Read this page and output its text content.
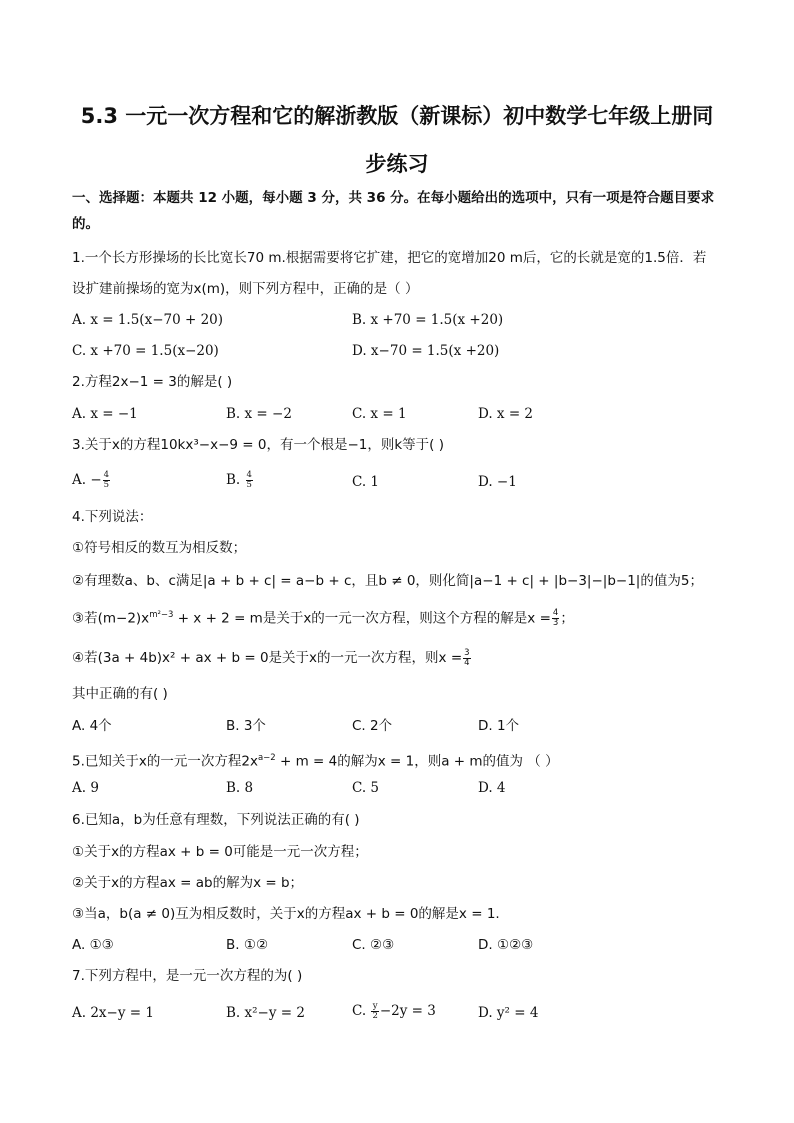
5.3 一元一次方程和它的解浙教版（新课标）初中数学七年级上册同
步练习
一、选择题：本题共 12 小题，每小题 3 分，共 36 分。在每小题给出的选项中，只有一项是符合题目要求
的。
1.一个长方形操场的长比宽长70 m.根据需要将它扩建，把它的宽增加20 m后，它的长就是宽的1.5倍．若
设扩建前操场的宽为x(m)，则下列方程中，正确的是（ ）
A. x = 1.5(x−70 + 20)	B. x +70 = 1.5(x +20)
C. x +70 = 1.5(x−20)	D. x−70 = 1.5(x +20)
2.方程2x−1 = 3的解是( )
A. x = −1	B. x = −2	C. x = 1	D. x = 2
3.关于x的方程10kx³−x−9 = 0，有一个根是−1，则k等于( )
A. − $\frac{4}{5}$	B. $\frac{4}{5}$	C. 1	D. −1
4.下列说法：
①符号相反的数互为相反数；
②有理数a、b、c满足|a + b + c| = a−b + c，且b ≠ 0，则化简|a−1 + c| + |b−3|−|b−1|的值为5；
③若$(m-2)x^{m^2-3} + x + 2 = m$是关于x的一元一次方程，则这个方程的解是$x = \frac{4}{3}$ ；
④若(3a + 4b)x² + ax + b = 0是关于x的一元一次方程，则$x = \frac{3}{4}$
其中正确的有( )
A. 4个	B. 3个	C. 2个	D. 1个
5.已知关于x的一元一次方程$2x^{a-2} + m = 4$的解为x = 1，则a + m的值为 （ ）
A. 9	B. 8	C. 5	D. 4
6.已知a，b为任意有理数，下列说法正确的有( )
①关于x的方程ax + b = 0可能是一元一次方程；
②关于x的方程ax = ab的解为x = b；
③当a，b(a ≠ 0)互为相反数时，关于x的方程ax + b = 0的解是x = 1.
A. ①③	B. ①②	C. ②③	D. ①②③
7.下列方程中，是一元一次方程的为( )
A. 2x−y = 1	B. x²−y = 2	C. $\frac{y}{2} -2y = 3$	D. y² = 4
